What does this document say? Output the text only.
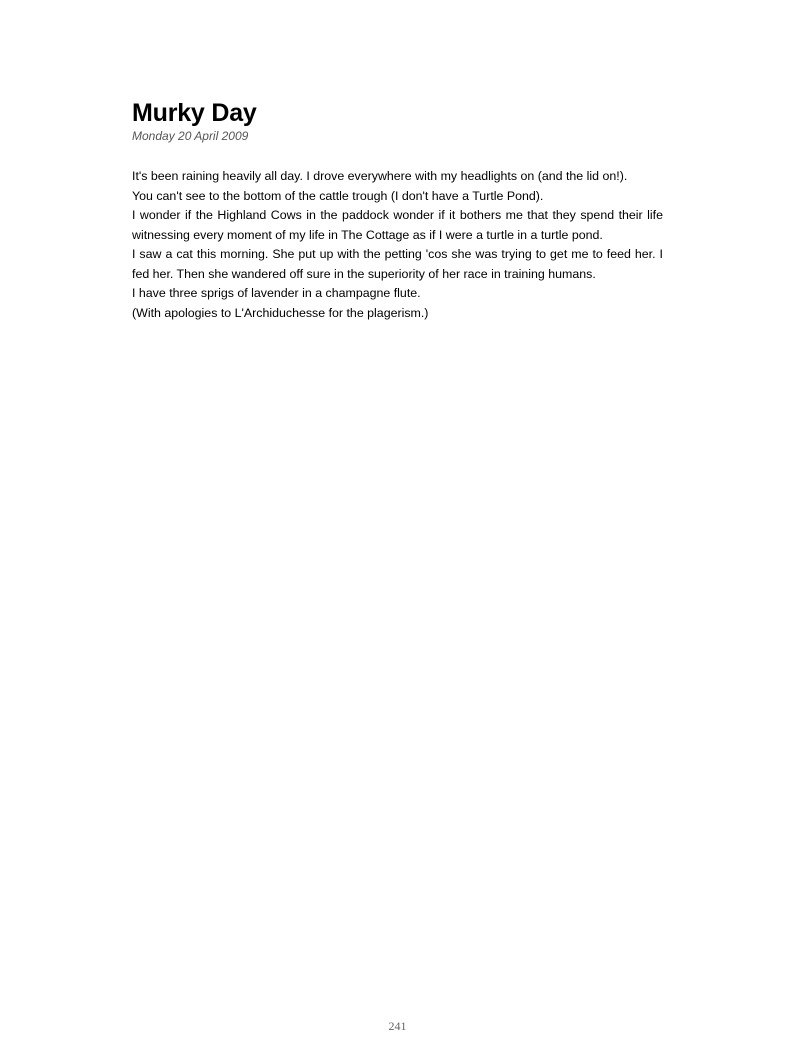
Murky Day
Monday 20 April 2009

It's been raining heavily all day. I drove everywhere with my headlights on (and the lid on!).

You can't see to the bottom of the cattle trough (I don't have a Turtle Pond).

I wonder if the Highland Cows in the paddock wonder if it bothers me that they spend their life witnessing every moment of my life in The Cottage as if I were a turtle in a turtle pond.

I saw a cat this morning. She put up with the petting 'cos she was trying to get me to feed her. I fed her. Then she wandered off sure in the superiority of her race in training humans.

I have three sprigs of lavender in a champagne flute.

(With apologies to L'Archiduchesse for the plagerism.)

241
